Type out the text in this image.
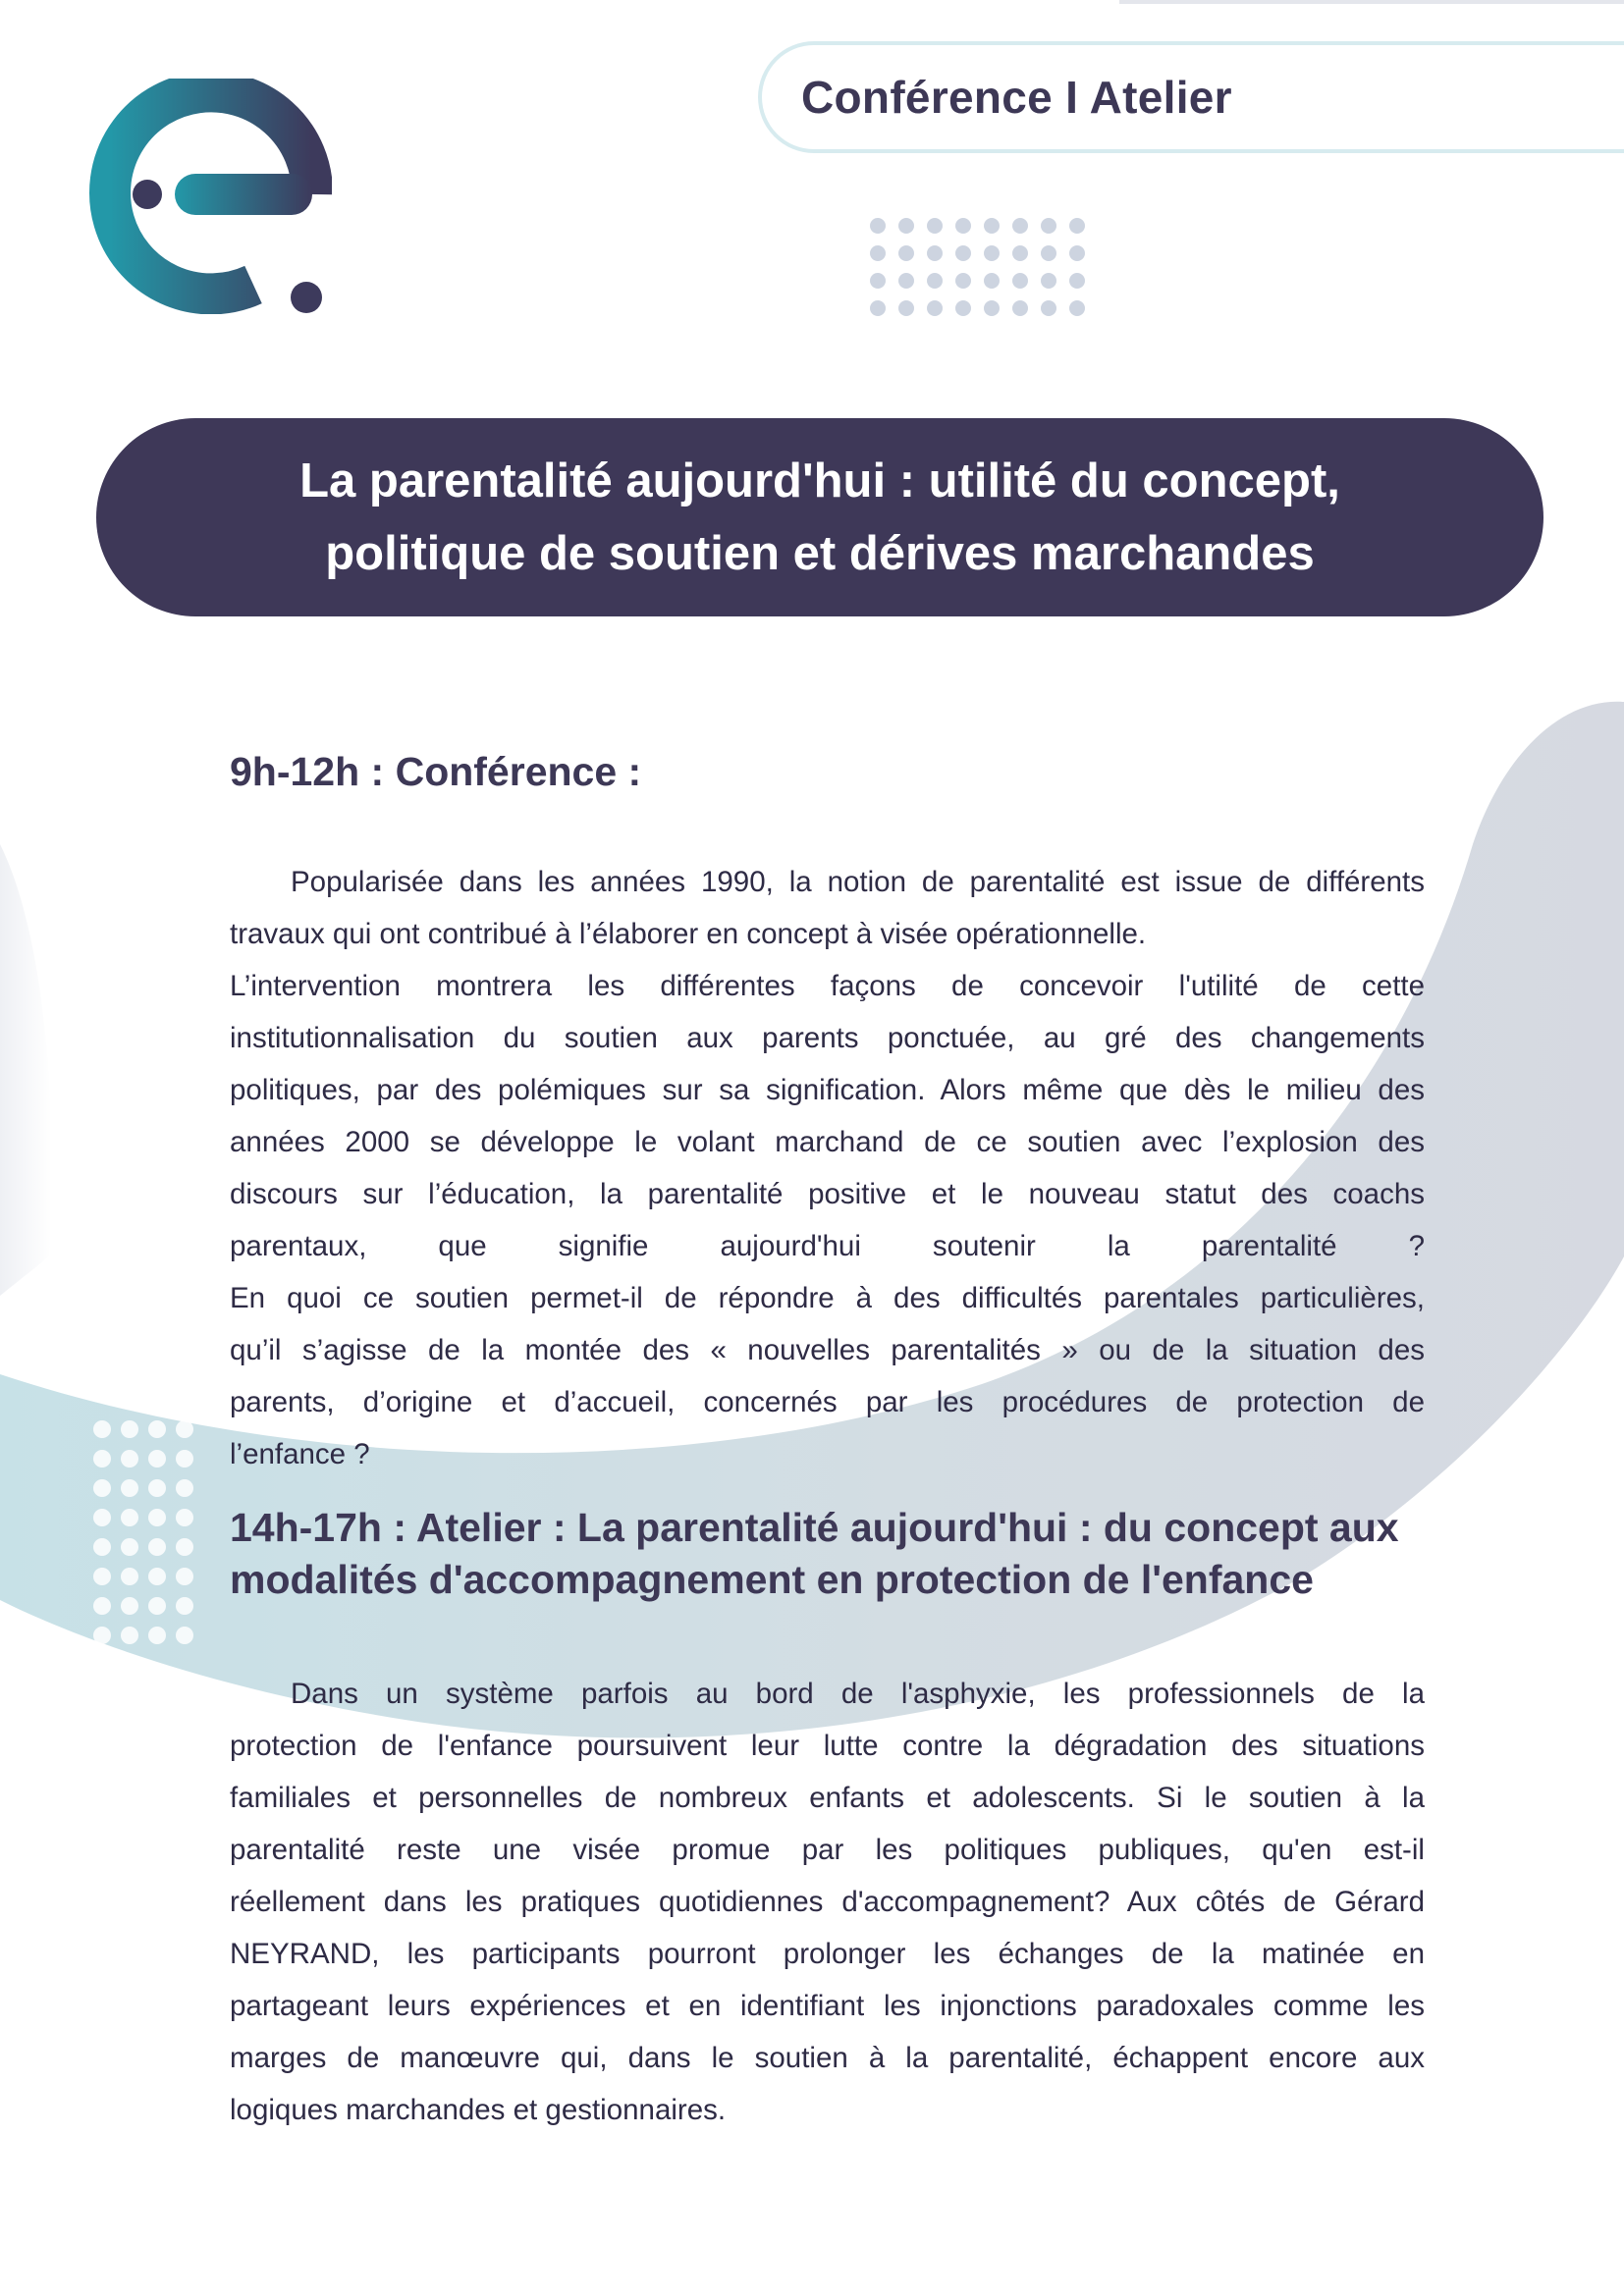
Conférence I Atelier
La parentalité aujourd'hui : utilité du concept,
politique de soutien et dérives marchandes
9h-12h : Conférence :
Popularisée dans les années 1990, la notion de parentalité est issue de différents
travaux qui ont contribué à l’élaborer en concept à visée opérationnelle.
L’intervention montrera les différentes façons de concevoir l'utilité de cette
institutionnalisation du soutien aux parents ponctuée, au gré des changements
politiques, par des polémiques sur sa signification. Alors même que dès le milieu des
années 2000 se développe le volant marchand de ce soutien avec l’explosion des
discours sur l’éducation, la parentalité positive et le nouveau statut des coachs
parentaux, que signifie aujourd'hui soutenir la parentalité ?
En quoi ce soutien permet-il de répondre à des difficultés parentales particulières,
qu’il s’agisse de la montée des « nouvelles parentalités » ou de la situation des
parents, d’origine et d’accueil, concernés par les procédures de protection de
l’enfance ?
14h-17h : Atelier : La parentalité aujourd'hui : du concept aux
modalités d'accompagnement en protection de l'enfance
Dans un système parfois au bord de l'asphyxie, les professionnels de la
protection de l'enfance poursuivent leur lutte contre la dégradation des situations
familiales et personnelles de nombreux enfants et adolescents. Si le soutien à la
parentalité reste une visée promue par les politiques publiques, qu'en est-il
réellement dans les pratiques quotidiennes d'accompagnement? Aux côtés de Gérard
NEYRAND, les participants pourront prolonger les échanges de la matinée en
partageant leurs expériences et en identifiant les injonctions paradoxales comme les
marges de manœuvre qui, dans le soutien à la parentalité, échappent encore aux
logiques marchandes et gestionnaires.
